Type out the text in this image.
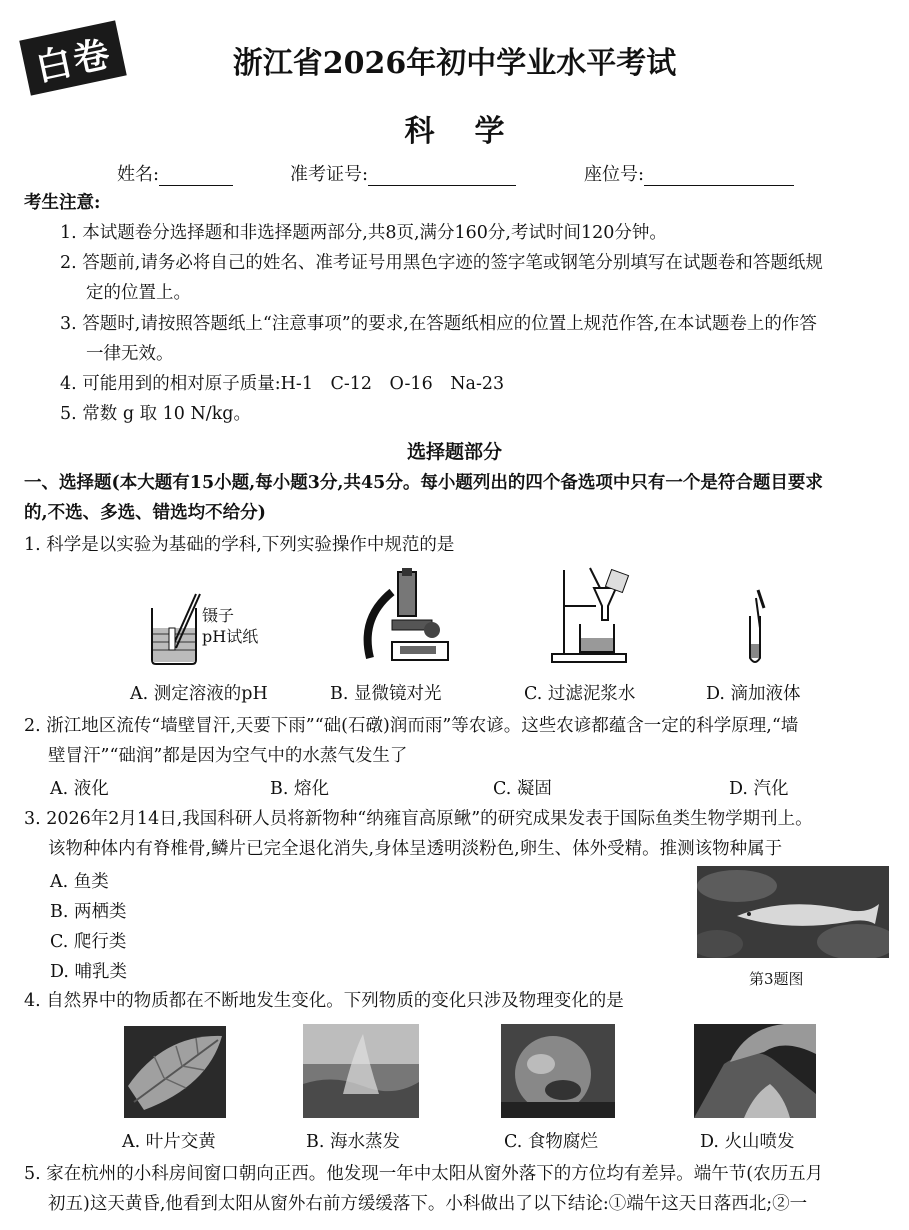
白卷	浙江省2026年初中学业水平考试
科学
姓名:	准考证号:	座位号:
考生注意:
1. 本试题卷分选择题和非选择题两部分,共8页,满分160分,考试时间120分钟。
2. 答题前,请务必将自己的姓名、准考证号用黑色字迹的签字笔或钢笔分别填写在试题卷和答题纸规
定的位置上。
3. 答题时,请按照答题纸上“注意事项”的要求,在答题纸相应的位置上规范作答,在本试题卷上的作答
一律无效。
4. 可能用到的相对原子质量:H-1　C-12　O-16　Na-23
5. 常数 g 取 10 N/kg。
选择题部分
一、选择题(本大题有15小题,每小题3分,共45分。每小题列出的四个备选项中只有一个是符合题目要求
的,不选、多选、错选均不给分)
1. 科学是以实验为基础的学科,下列实验操作中规范的是
镊子
pH试纸
A. 测定溶液的pH	B. 显微镜对光	C. 过滤泥浆水	D. 滴加液体
2. 浙江地区流传“墙壁冒汗,天要下雨”“础(石礅)润而雨”等农谚。这些农谚都蕴含一定的科学原理,“墙
壁冒汗”“础润”都是因为空气中的水蒸气发生了
A. 液化	B. 熔化	C. 凝固	D. 汽化
3. 2026年2月14日,我国科研人员将新物种“纳雍盲高原鳅”的研究成果发表于国际鱼类生物学期刊上。
该物种体内有脊椎骨,鳞片已完全退化消失,身体呈透明淡粉色,卵生、体外受精。推测该物种属于
A. 鱼类
B. 两栖类
C. 爬行类
D. 哺乳类	第3题图
4. 自然界中的物质都在不断地发生变化。下列物质的变化只涉及物理变化的是
A. 叶片交黄	B. 海水蒸发	C. 食物腐烂	D. 火山喷发
5. 家在杭州的小科房间窗口朝向正西。他发现一年中太阳从窗外落下的方位均有差异。端午节(农历五月
初五)这天黄昏,他看到太阳从窗外右前方缓缓落下。小科做出了以下结论:①端午这天日落西北;②一
